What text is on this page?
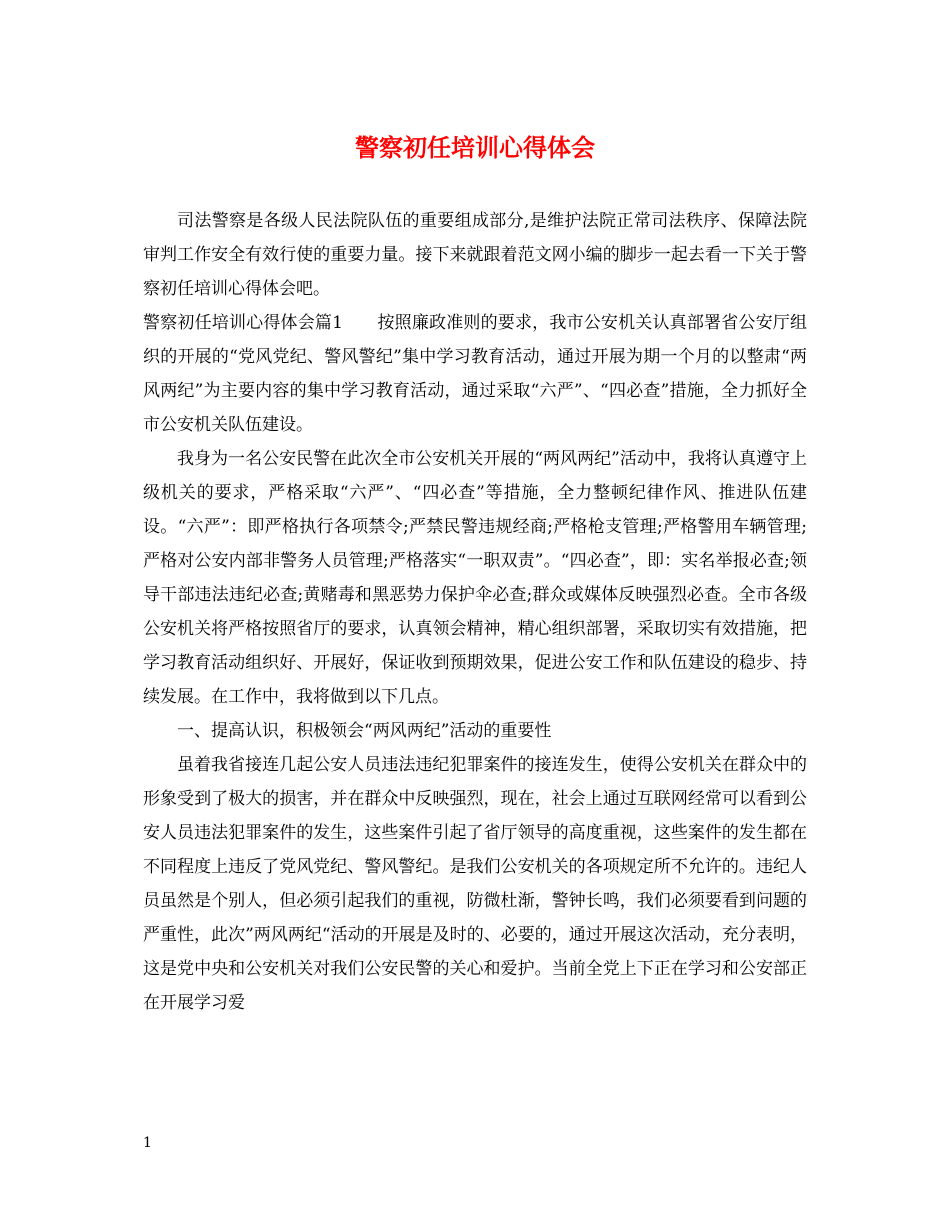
警察初任培训心得体会

司法警察是各级人民法院队伍的重要组成部分,是维护法院正常司法秩序、保障法院审判工作安全有效行使的重要力量。接下来就跟着范文网小编的脚步一起去看一下关于警察初任培训心得体会吧。

警察初任培训心得体会篇1　　按照廉政准则的要求，我市公安机关认真部署省公安厅组织的开展的“党风党纪、警风警纪”集中学习教育活动，通过开展为期一个月的以整肃“两风两纪”为主要内容的集中学习教育活动，通过采取“六严”、“四必查”措施，全力抓好全市公安机关队伍建设。

我身为一名公安民警在此次全市公安机关开展的“两风两纪”活动中，我将认真遵守上级机关的要求，严格采取“六严”、“四必查”等措施，全力整顿纪律作风、推进队伍建设。“六严”：即严格执行各项禁令;严禁民警违规经商;严格枪支管理;严格警用车辆管理;严格对公安内部非警务人员管理;严格落实“一职双责”。“四必查”，即：实名举报必查;领导干部违法违纪必查;黄赌毒和黑恶势力保护伞必查;群众或媒体反映强烈必查。全市各级公安机关将严格按照省厅的要求，认真领会精神，精心组织部署，采取切实有效措施，把学习教育活动组织好、开展好，保证收到预期效果，促进公安工作和队伍建设的稳步、持续发展。在工作中，我将做到以下几点。

一、提高认识，积极领会“两风两纪”活动的重要性

虽着我省接连几起公安人员违法违纪犯罪案件的接连发生，使得公安机关在群众中的形象受到了极大的损害，并在群众中反映强烈，现在，社会上通过互联网经常可以看到公安人员违法犯罪案件的发生，这些案件引起了省厅领导的高度重视，这些案件的发生都在不同程度上违反了党风党纪、警风警纪。是我们公安机关的各项规定所不允许的。违纪人员虽然是个别人，但必须引起我们的重视，防微杜渐，警钟长鸣，我们必须要看到问题的严重性，此次”两风两纪“活动的开展是及时的、必要的，通过开展这次活动，充分表明，这是党中央和公安机关对我们公安民警的关心和爱护。当前全党上下正在学习和公安部正在开展学习爱

1
